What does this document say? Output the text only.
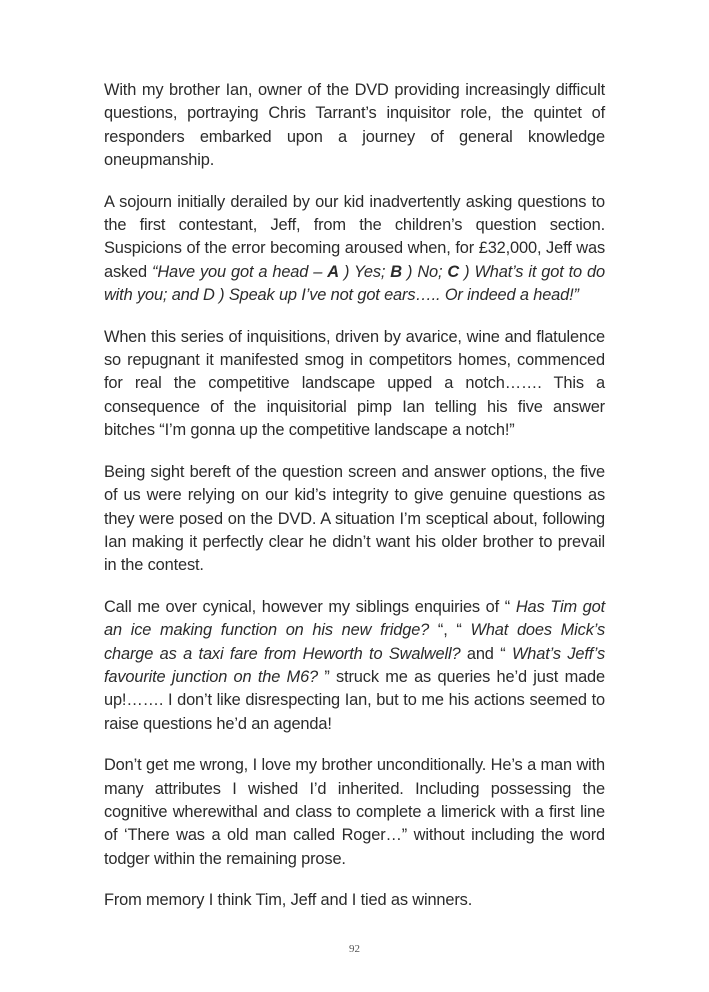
With my brother Ian, owner of the DVD providing increasingly difficult questions, portraying Chris Tarrant’s inquisitor role, the quintet of responders embarked upon a journey of general knowledge oneupmanship.

A sojourn initially derailed by our kid inadvertently asking questions to the first contestant, Jeff, from the children’s question section. Suspicions of the error becoming aroused when, for £32,000, Jeff was asked “Have you got a head – A ) Yes; B ) No; C ) What’s it got to do with you; and D ) Speak up I’ve not got ears….. Or indeed a head!”

When this series of inquisitions, driven by avarice, wine and flatulence so repugnant it manifested smog in competitors homes, commenced for real the competitive landscape upped a notch……. This a consequence of the inquisitorial pimp Ian telling his five answer bitches “I’m gonna up the competitive landscape a notch!”

Being sight bereft of the question screen and answer options, the five of us were relying on our kid’s integrity to give genuine questions as they were posed on the DVD. A situation I’m sceptical about, following Ian making it perfectly clear he didn’t want his older brother to prevail in the contest.

Call me over cynical, however my siblings enquiries of “ Has Tim got an ice making function on his new fridge? “, “ What does Mick’s charge as a taxi fare from Heworth to Swalwell? and “ What’s Jeff’s favourite junction on the M6? ” struck me as queries he’d just made up!……. I don’t like disrespecting Ian, but to me his actions seemed to raise questions he’d an agenda!

Don’t get me wrong, I love my brother unconditionally. He’s a man with many attributes I wished I’d inherited. Including possessing the cognitive wherewithal and class to complete a limerick with a first line of ‘There was a old man called Roger…” without including the word todger within the remaining prose.

From memory I think Tim, Jeff and I tied as winners.

92
